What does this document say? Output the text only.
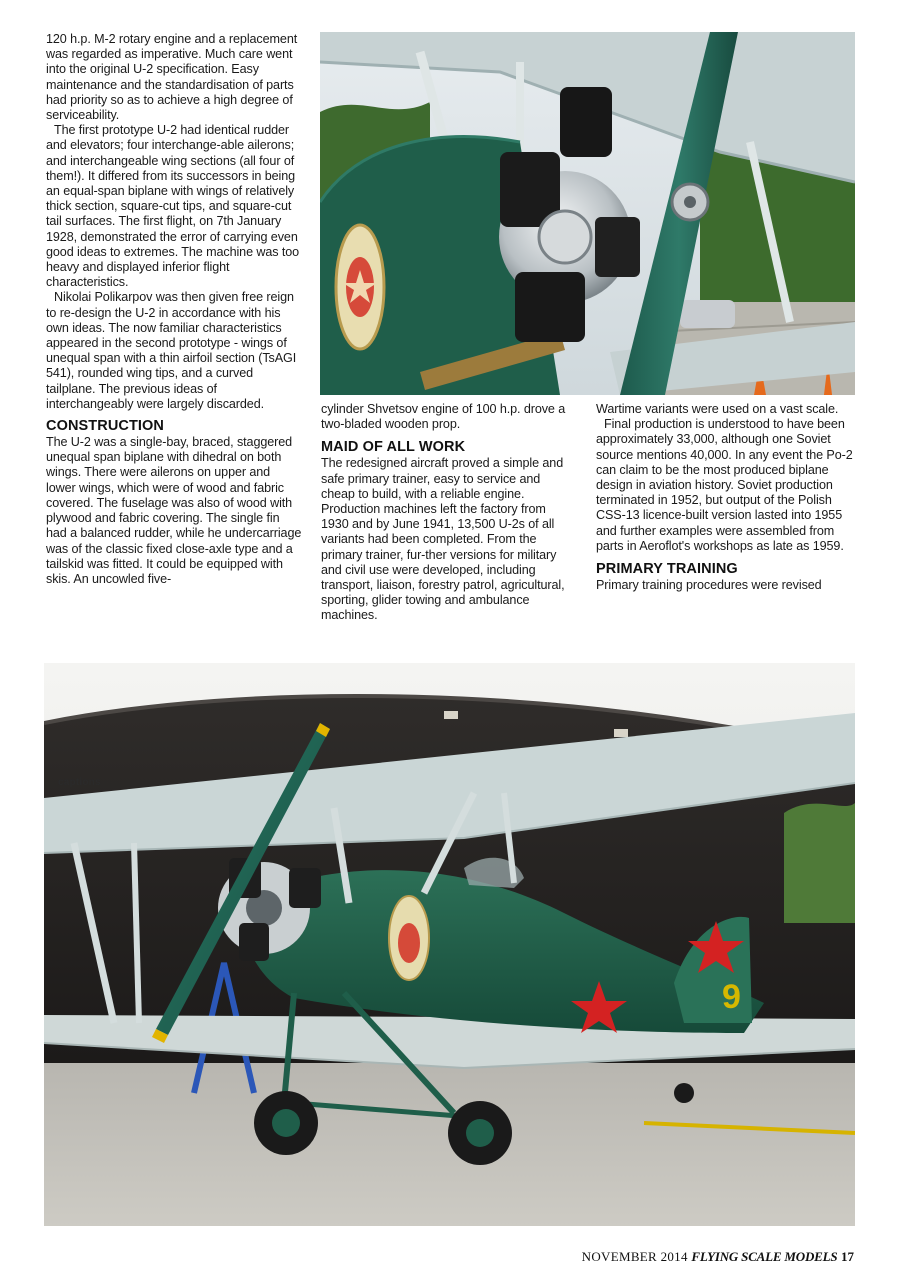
120 h.p. M-2 rotary engine and a replacement was regarded as imperative. Much care went into the original U-2 specification. Easy maintenance and the standardisation of parts had priority so as to achieve a high degree of serviceability.

The first prototype U-2 had identical rudder and elevators; four interchange-able ailerons; and interchangeable wing sections (all four of them!). It differed from its successors in being an equal-span biplane with wings of relatively thick section, square-cut tips, and square-cut tail surfaces. The first flight, on 7th January 1928, demonstrated the error of carrying even good ideas to extremes. The machine was too heavy and displayed inferior flight characteristics.

Nikolai Polikarpov was then given free reign to re-design the U-2 in accordance with his own ideas. The now familiar characteristics appeared in the second prototype - wings of unequal span with a thin airfoil section (TsAGI 541), rounded wing tips, and a curved tailplane. The previous ideas of interchangeably were largely discarded.

CONSTRUCTION

The U-2 was a single-bay, braced, staggered unequal span biplane with dihedral on both wings. There were ailerons on upper and lower wings, which were of wood and fabric covered. The fuselage was also of wood with plywood and fabric covering. The single fin had a balanced rudder, while he undercarriage was of the classic fixed close-axle type and a tailskid was fitted. It could be equipped with skis. An uncowled five-

cylinder Shvetsov engine of 100 h.p. drove a two-bladed wooden prop.

MAID OF ALL WORK

The redesigned aircraft proved a simple and safe primary trainer, easy to service and cheap to build, with a reliable engine. Production machines left the factory from 1930 and by June 1941, 13,500 U-2s of all variants had been completed. From the primary trainer, fur-ther versions for military and civil use were developed, including transport, liaison, forestry patrol, agricultural, sporting, glider towing and ambulance machines.

Wartime variants were used on a vast scale.

Final production is understood to have been approximately 33,000, although one Soviet source mentions 40,000. In any event the Po-2 can claim to be the most produced biplane design in aviation history. Soviet production terminated in 1952, but output of the Polish CSS-13 licence-built version lasted into 1955 and further examples were assembled from parts in Aeroflot's workshops as late as 1959.

PRIMARY TRAINING

Primary training procedures were revised

9
captions
NOVEMBER 2014 FLYING SCALE MODELS 17
